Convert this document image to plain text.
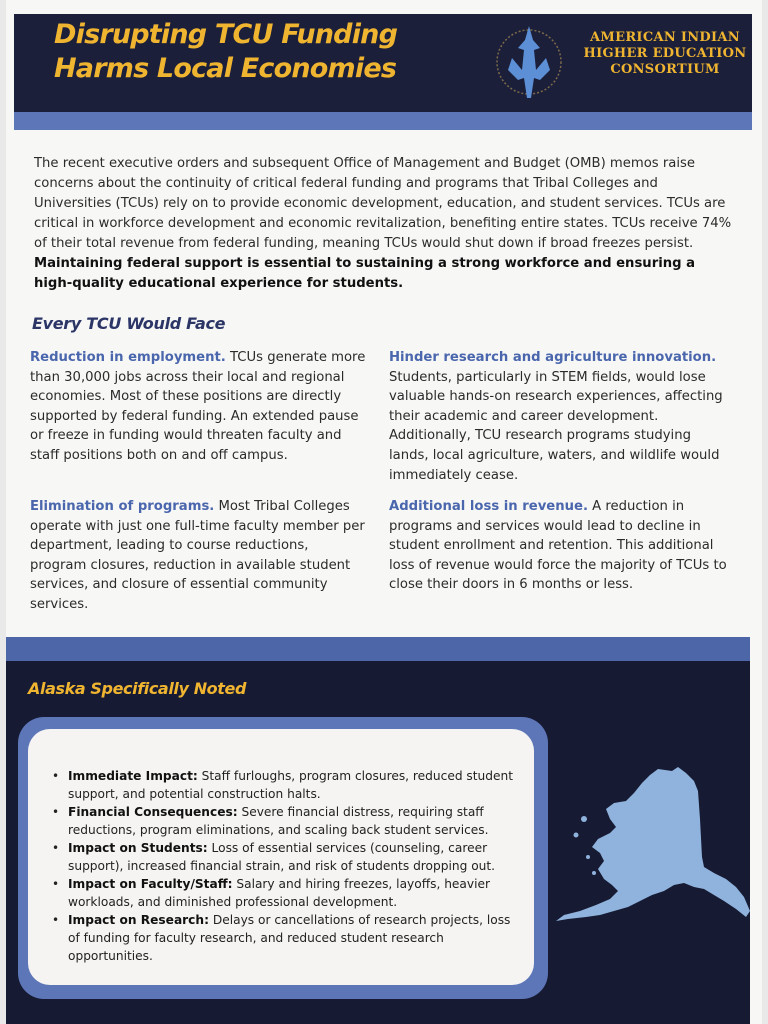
Disrupting TCU Funding
Harms Local Economies
AMERICAN INDIAN
HIGHER EDUCATION
CONSORTIUM
The recent executive orders and subsequent Office of Management and Budget (OMB) memos raise concerns about the continuity of critical federal funding and programs that Tribal Colleges and Universities (TCUs) rely on to provide economic development, education, and student services. TCUs are critical in workforce development and economic revitalization, benefiting entire states. TCUs receive 74% of their total revenue from federal funding, meaning TCUs would shut down if broad freezes persist. Maintaining federal support is essential to sustaining a strong workforce and ensuring a high-quality educational experience for students.
Every TCU Would Face
Reduction in employment. TCUs generate more than 30,000 jobs across their local and regional economies. Most of these positions are directly supported by federal funding. An extended pause or freeze in funding would threaten faculty and staff positions both on and off campus.
Hinder research and agriculture innovation. Students, particularly in STEM fields, would lose valuable hands-on research experiences, affecting their academic and career development. Additionally, TCU research programs studying lands, local agriculture, waters, and wildlife would immediately cease.
Elimination of programs. Most Tribal Colleges operate with just one full-time faculty member per department, leading to course reductions, program closures, reduction in available student services, and closure of essential community services.
Additional loss in revenue. A reduction in programs and services would lead to decline in student enrollment and retention. This additional loss of revenue would force the majority of TCUs to close their doors in 6 months or less.
Alaska Specifically Noted
• Immediate Impact: Staff furloughs, program closures, reduced student support, and potential construction halts.
• Financial Consequences: Severe financial distress, requiring staff reductions, program eliminations, and scaling back student services.
• Impact on Students: Loss of essential services (counseling, career support), increased financial strain, and risk of students dropping out.
• Impact on Faculty/Staff: Salary and hiring freezes, layoffs, heavier workloads, and diminished professional development.
• Impact on Research: Delays or cancellations of research projects, loss of funding for faculty research, and reduced student research opportunities.
